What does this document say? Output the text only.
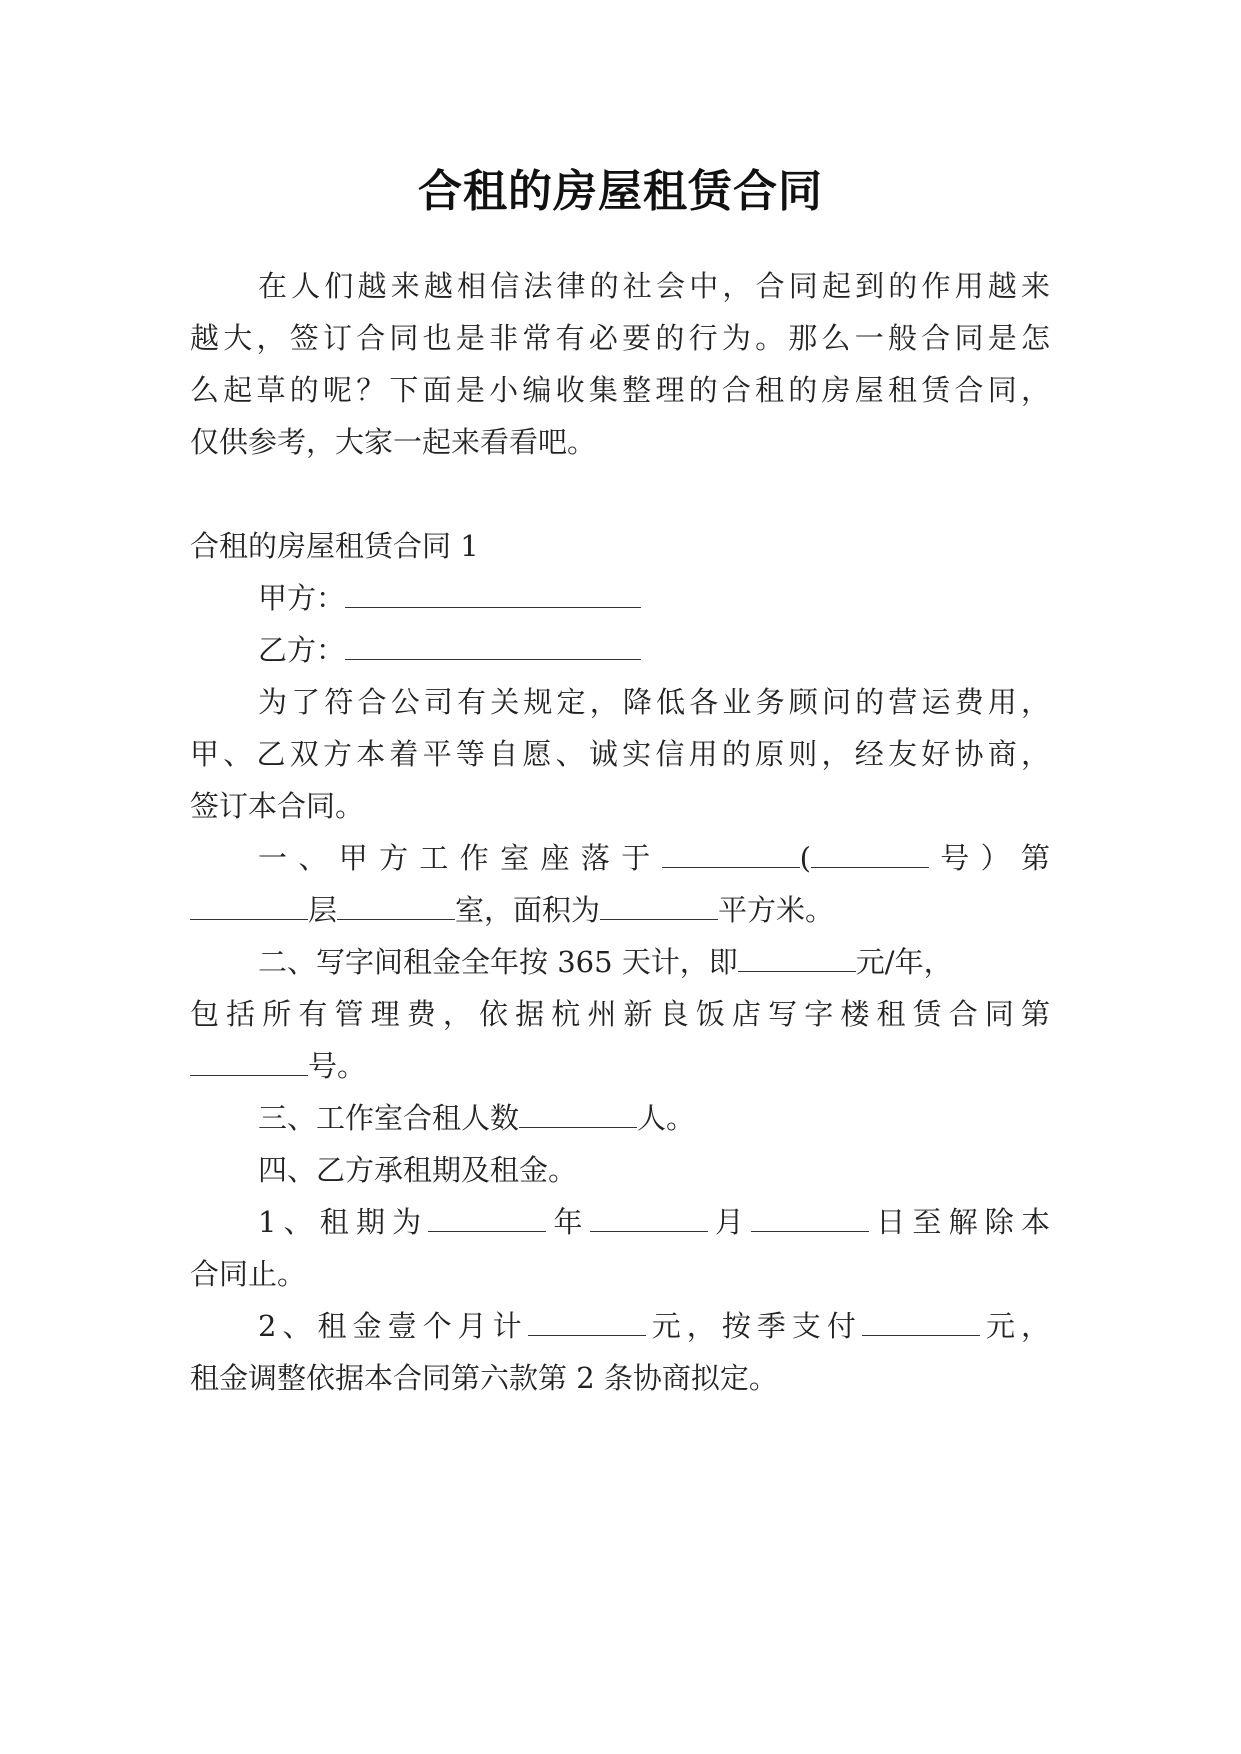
合租的房屋租赁合同
在人们越来越相信法律的社会中，合同起到的作用越来
越大，签订合同也是非常有必要的行为。那么一般合同是怎
么起草的呢？下面是小编收集整理的合租的房屋租赁合同，
仅供参考，大家一起来看看吧。
合租的房屋租赁合同 1
甲方：
乙方：
为了符合公司有关规定，降低各业务顾问的营运费用，
甲、乙双方本着平等自愿、诚实信用的原则，经友好协商，
签订本合同。
一、甲方工作室座落于	(	号）第
层	室，面积为	平方米。
二、写字间租金全年按 365 天计，即	元/年，
包括所有管理费，依据杭州新良饭店写字楼租赁合同第
号。
三、工作室合租人数	人。
四、乙方承租期及租金。
1、租期为	年	月	日至解除本
合同止。
2、租金壹个月计	元，按季支付	元，
租金调整依据本合同第六款第 2 条协商拟定。
